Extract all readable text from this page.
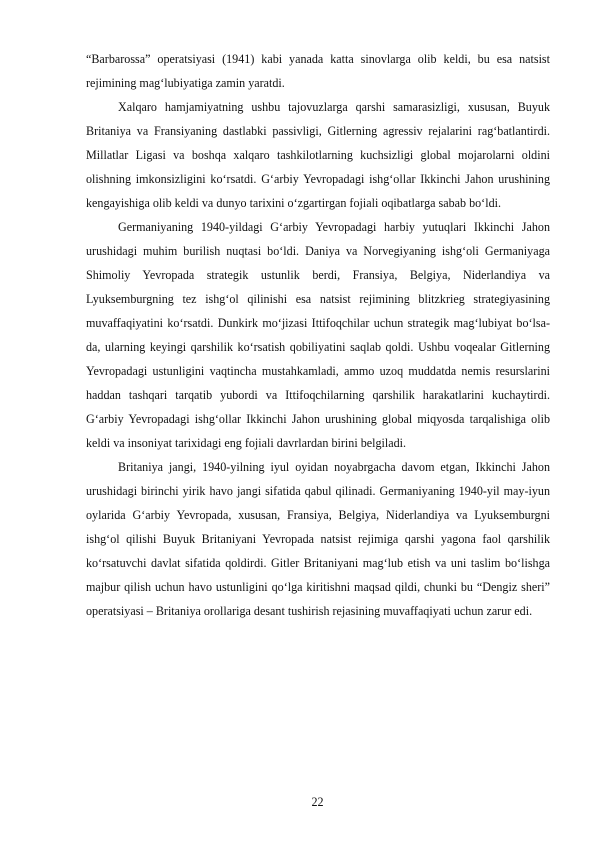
“Barbarossa” operatsiyasi (1941) kabi yanada katta sinovlarga olib keldi, bu esa natsist rejimining magʻlubiyatiga zamin yaratdi.

Xalqaro hamjamiyatning ushbu tajovuzlarga qarshi samarasizligi, xususan, Buyuk Britaniya va Fransiyaning dastlabki passivligi, Gitlerning agressiv rejalarini ragʻbatlantirdi. Millatlar Ligasi va boshqa xalqaro tashkilotlarning kuchsizligi global mojarolarni oldini olishning imkonsizligini koʻrsatdi. Gʻarbiy Yevropadagi ishgʻollar Ikkinchi Jahon urushining kengayishiga olib keldi va dunyo tarixini oʻzgartirgan fojiali oqibatlarga sabab boʻldi.

Germaniyaning 1940-yildagi Gʻarbiy Yevropadagi harbiy yutuqlari Ikkinchi Jahon urushidagi muhim burilish nuqtasi boʻldi. Daniya va Norvegiyaning ishgʻoli Germaniyaga Shimoliy Yevropada strategik ustunlik berdi, Fransiya, Belgiya, Niderlandiya va Lyuksemburgning tez ishgʻol qilinishi esa natsist rejimining blitzkrieg strategiyasining muvaffaqiyatini koʻrsatdi. Dunkirk moʻjizasi Ittifoqchilar uchun strategik magʻlubiyat boʻlsa-da, ularning keyingi qarshilik koʻrsatish qobiliyatini saqlab qoldi. Ushbu voqealar Gitlerning Yevropadagi ustunligini vaqtincha mustahkamladi, ammo uzoq muddatda nemis resurslarini haddan tashqari tarqatib yubordi va Ittifoqchilarning qarshilik harakatlarini kuchaytirdi. Gʻarbiy Yevropadagi ishgʻollar Ikkinchi Jahon urushining global miqyosda tarqalishiga olib keldi va insoniyat tarixidagi eng fojiali davrlardan birini belgiladi.

Britaniya jangi, 1940-yilning iyul oyidan noyabrgacha davom etgan, Ikkinchi Jahon urushidagi birinchi yirik havo jangi sifatida qabul qilinadi. Germaniyaning 1940-yil may-iyun oylarida Gʻarbiy Yevropada, xususan, Fransiya, Belgiya, Niderlandiya va Lyuksemburgni ishgʻol qilishi Buyuk Britaniyani Yevropada natsist rejimiga qarshi yagona faol qarshilik koʻrsatuvchi davlat sifatida qoldirdi. Gitler Britaniyani magʻlub etish va uni taslim boʻlishga majbur qilish uchun havo ustunligini qoʻlga kiritishni maqsad qildi, chunki bu “Dengiz sheri” operatsiyasi – Britaniya orollariga desant tushirish rejasining muvaffaqiyati uchun zarur edi.

22
